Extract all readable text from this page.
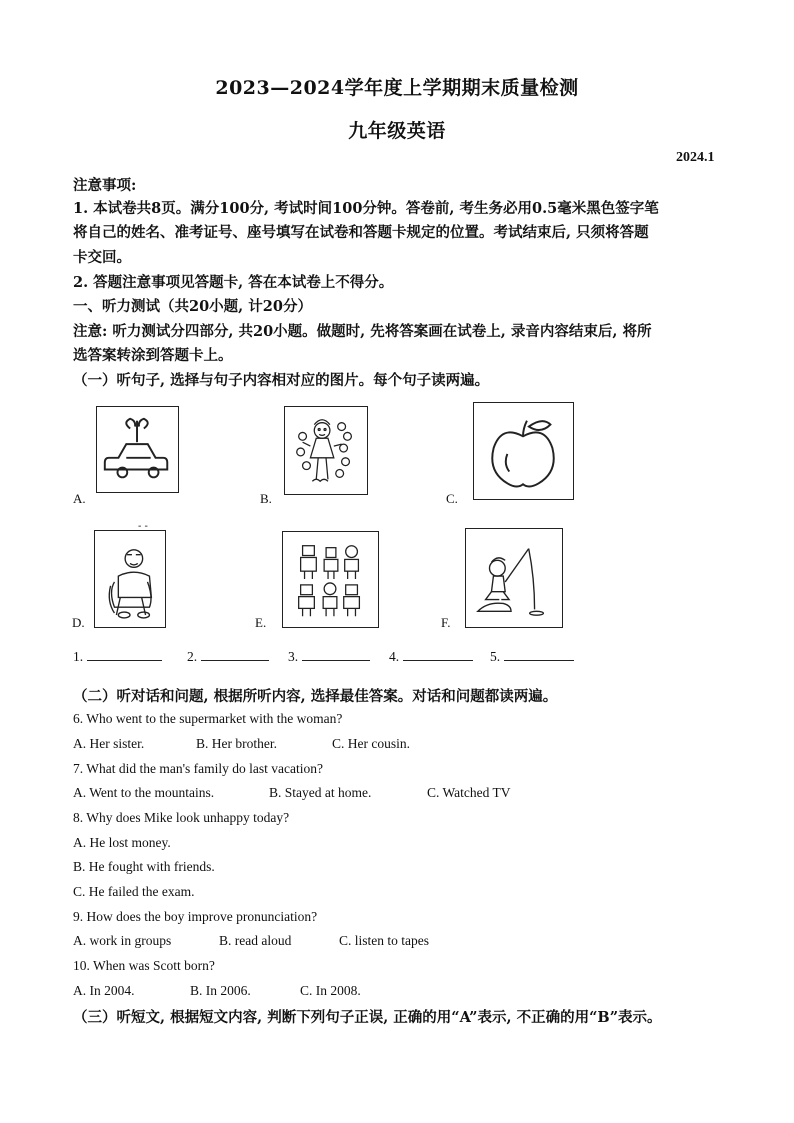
2023—2024学年度上学期期末质量检测
九年级英语
2024.1
注意事项:
1. 本试卷共8页。满分100分, 考试时间100分钟。答卷前, 考生务必用0.5毫米黑色签字笔
将自己的姓名、准考证号、座号填写在试卷和答题卡规定的位置。考试结束后, 只须将答题
卡交回。
2. 答题注意事项见答题卡, 答在本试卷上不得分。
一、听力测试（共20小题, 计20分）
注意: 听力测试分四部分, 共20小题。做题时, 先将答案画在试卷上, 录音内容结束后, 将所
选答案转涂到答题卡上。
（一）听句子, 选择与句子内容相对应的图片。每个句子读两遍。
A.	B.	C.
- -
D.	E.	F.
1.	2.	3.	4.	5.
（二）听对话和问题, 根据所听内容, 选择最佳答案。对话和问题都读两遍。
6. Who went to the supermarket with the woman?
A. Her sister.	B. Her brother.	C. Her cousin.
7. What did the man's family do last vacation?
A. Went to the mountains.	B. Stayed at home.	C. Watched TV
8. Why does Mike look unhappy today?
A. He lost money.
B. He fought with friends.
C. He failed the exam.
9. How does the boy improve pronunciation?
A. work in groups	B. read aloud	C. listen to tapes
10. When was Scott born?
A. In 2004.	B. In 2006.	C. In 2008.
（三）听短文, 根据短文内容, 判断下列句子正误, 正确的用“A”表示, 不正确的用“B”表示。
